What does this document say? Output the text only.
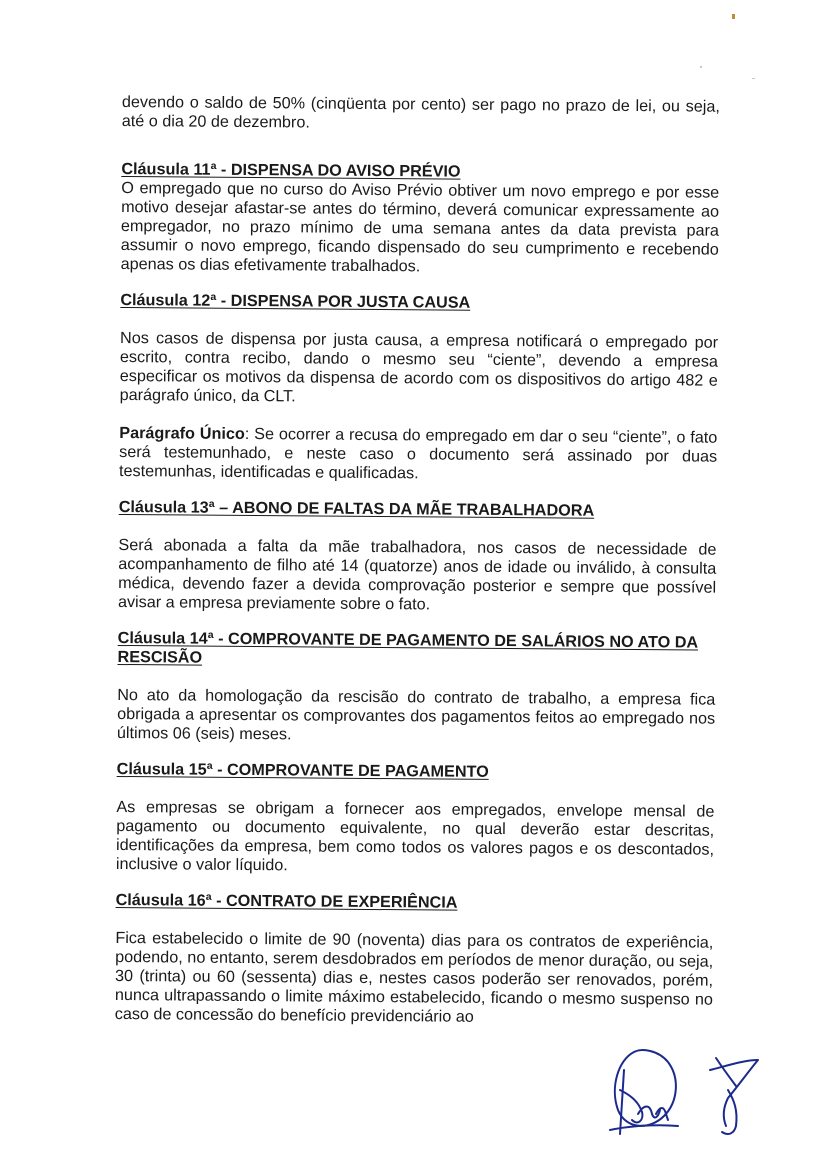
devendo o saldo de 50% (cinqüenta por cento) ser pago no prazo de lei, ou seja, até o dia 20 de dezembro.

Cláusula 11ª - DISPENSA DO AVISO PRÉVIO

O empregado que no curso do Aviso Prévio obtiver um novo emprego e por esse motivo desejar afastar-se antes do término, deverá comunicar expressamente ao empregador, no prazo mínimo de uma semana antes da data prevista para assumir o novo emprego, ficando dispensado do seu cumprimento e recebendo apenas os dias efetivamente trabalhados.

Cláusula 12ª - DISPENSA POR JUSTA CAUSA

Nos casos de dispensa por justa causa, a empresa notificará o empregado por escrito, contra recibo, dando o mesmo seu “ciente”, devendo a empresa especificar os motivos da dispensa de acordo com os dispositivos do artigo 482 e parágrafo único, da CLT.

Parágrafo Único: Se ocorrer a recusa do empregado em dar o seu “ciente”, o fato será testemunhado, e neste caso o documento será assinado por duas testemunhas, identificadas e qualificadas.

Cláusula 13ª – ABONO DE FALTAS DA MÃE TRABALHADORA

Será abonada a falta da mãe trabalhadora, nos casos de necessidade de acompanhamento de filho até 14 (quatorze) anos de idade ou inválido, à consulta médica, devendo fazer a devida comprovação posterior e sempre que possível avisar a empresa previamente sobre o fato.

Cláusula 14ª - COMPROVANTE DE PAGAMENTO DE SALÁRIOS NO ATO DA RESCISÃO

No ato da homologação da rescisão do contrato de trabalho, a empresa fica obrigada a apresentar os comprovantes dos pagamentos feitos ao empregado nos últimos 06 (seis) meses.

Cláusula 15ª - COMPROVANTE DE PAGAMENTO

As empresas se obrigam a fornecer aos empregados, envelope mensal de pagamento ou documento equivalente, no qual deverão estar descritas, identificações da empresa, bem como todos os valores pagos e os descontados, inclusive o valor líquido.

Cláusula 16ª - CONTRATO DE EXPERIÊNCIA

Fica estabelecido o limite de 90 (noventa) dias para os contratos de experiência, podendo, no entanto, serem desdobrados em períodos de menor duração, ou seja, 30 (trinta) ou 60 (sessenta) dias e, nestes casos poderão ser renovados, porém, nunca ultrapassando o limite máximo estabelecido, ficando o mesmo suspenso no caso de concessão do benefício previdenciário ao
